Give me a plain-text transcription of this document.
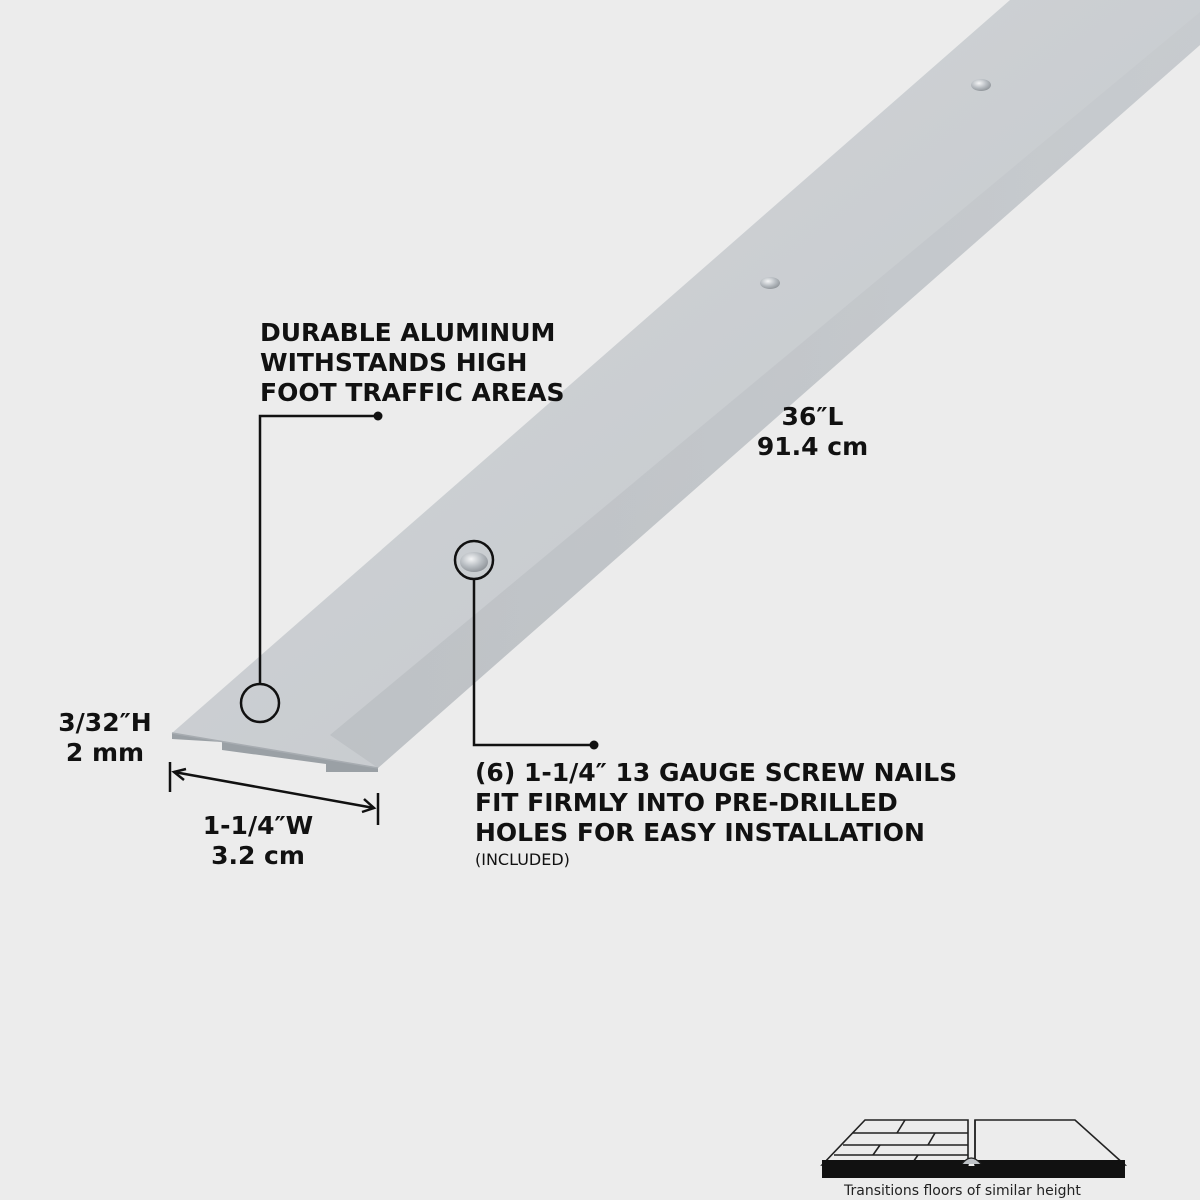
DURABLE ALUMINUM
WITHSTANDS HIGH
FOOT TRAFFIC AREAS
36″L
91.4 cm
3/32″H
2 mm
1-1/4″W
3.2 cm
(6) 1-1/4″ 13 GAUGE SCREW NAILS
FIT FIRMLY INTO PRE-DRILLED
HOLES FOR EASY INSTALLATION
(INCLUDED)
Transitions floors of similar height
